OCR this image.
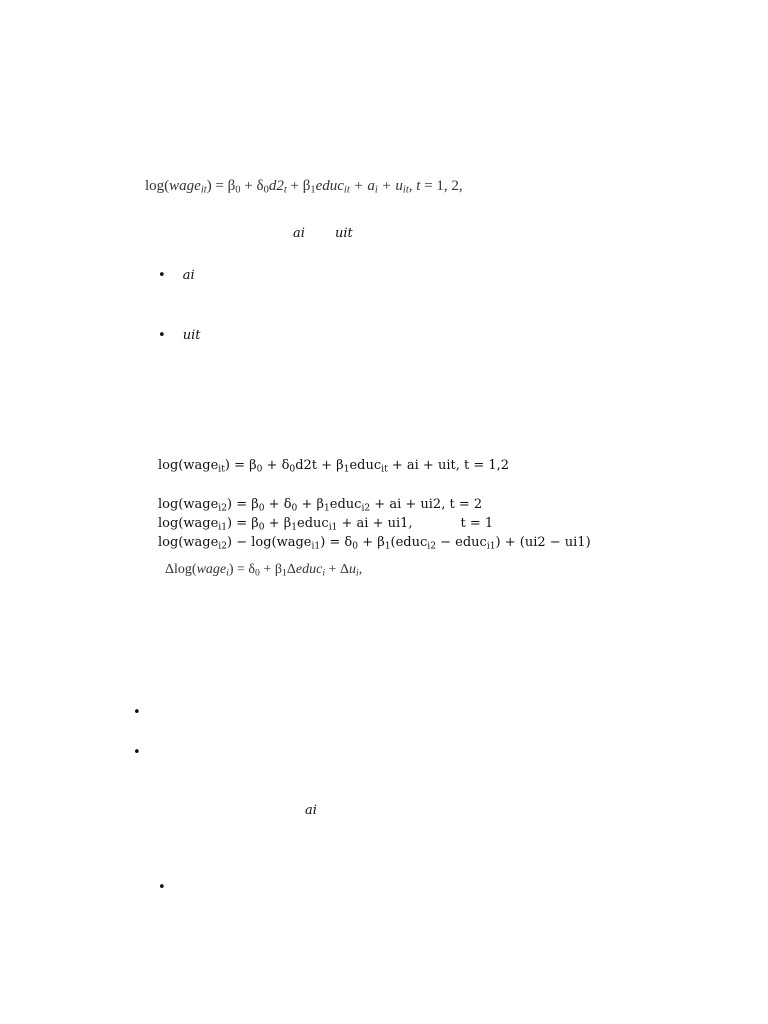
log(wage$_{it}$) = $\beta_0 + \delta_0d2_t$ + $\beta_1educ_{it} + a_i + u_{it}$, t = 1, 2,
ai uit
• ai
• uit
log(wage$_{it}$) = $\beta_0 + \delta_0d2t$ + $\beta_1educ_{it}$ + ai + uit, t = 1,2
log(wage$_{i2}$) = $\beta_0 + \delta_0$ + $\beta_1educ_{i2}$ + ai + ui2, t = 2
log(wage$_{i1}$) = $\beta_0$ + $\beta_1educ_{i1}$ + ai + ui1,	t = 1
log(wage$_{i2}$) − log(wage$_{i1}$) = $\delta_0$ + $\beta_1(educ_{i2}$ − educ$_{i1}$) + (ui2 − ui1)
Δlog(wage$_i$) = $\delta_0$ + $\beta_1\Delta educ_i + \Delta u_i$,
•
•
ai
•
